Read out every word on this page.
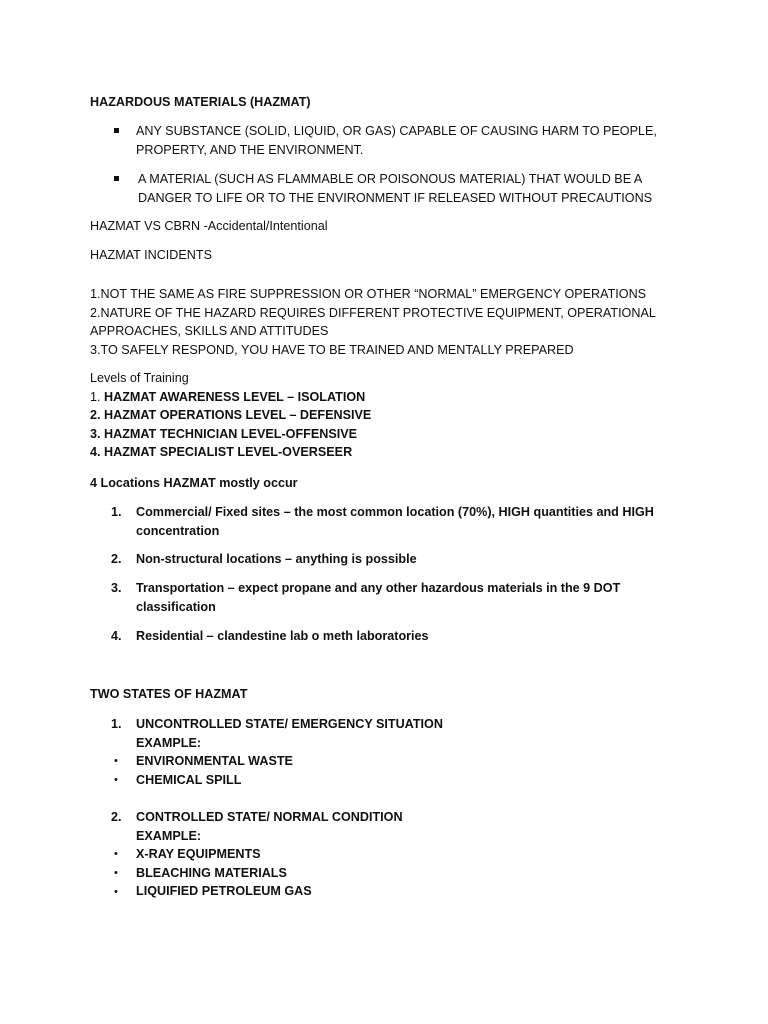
HAZARDOUS MATERIALS (HAZMAT)

ANY SUBSTANCE (SOLID, LIQUID, OR GAS) CAPABLE OF CAUSING HARM TO PEOPLE, PROPERTY, AND THE ENVIRONMENT.

A MATERIAL (SUCH AS FLAMMABLE OR POISONOUS MATERIAL) THAT WOULD BE A DANGER TO LIFE OR TO THE ENVIRONMENT IF RELEASED WITHOUT PRECAUTIONS

HAZMAT VS CBRN -Accidental/Intentional

HAZMAT INCIDENTS

1.NOT THE SAME AS FIRE SUPPRESSION OR OTHER “NORMAL” EMERGENCY OPERATIONS
2.NATURE OF THE HAZARD REQUIRES DIFFERENT PROTECTIVE EQUIPMENT, OPERATIONAL
APPROACHES, SKILLS AND ATTITUDES
3.TO SAFELY RESPOND, YOU HAVE TO BE TRAINED AND MENTALLY PREPARED
Levels of Training
1. HAZMAT AWARENESS LEVEL – ISOLATION
2. HAZMAT OPERATIONS LEVEL – DEFENSIVE
3. HAZMAT TECHNICIAN LEVEL-OFFENSIVE
4. HAZMAT SPECIALIST LEVEL-OVERSEER

4 Locations HAZMAT mostly occur

1. Commercial/ Fixed sites – the most common location (70%), HIGH quantities and HIGH
concentration
2. Non-structural locations – anything is possible
3. Transportation – expect propane and any other hazardous materials in the 9 DOT
classification
4. Residential – clandestine lab o meth laboratories

TWO STATES OF HAZMAT

1. UNCONTROLLED STATE/ EMERGENCY SITUATION
EXAMPLE:
ENVIRONMENTAL WASTE
CHEMICAL SPILL
•
•
2. CONTROLLED STATE/ NORMAL CONDITION
EXAMPLE:
X-RAY EQUIPMENTS
BLEACHING MATERIALS
LIQUIFIED PETROLEUM GAS
•
•
•
